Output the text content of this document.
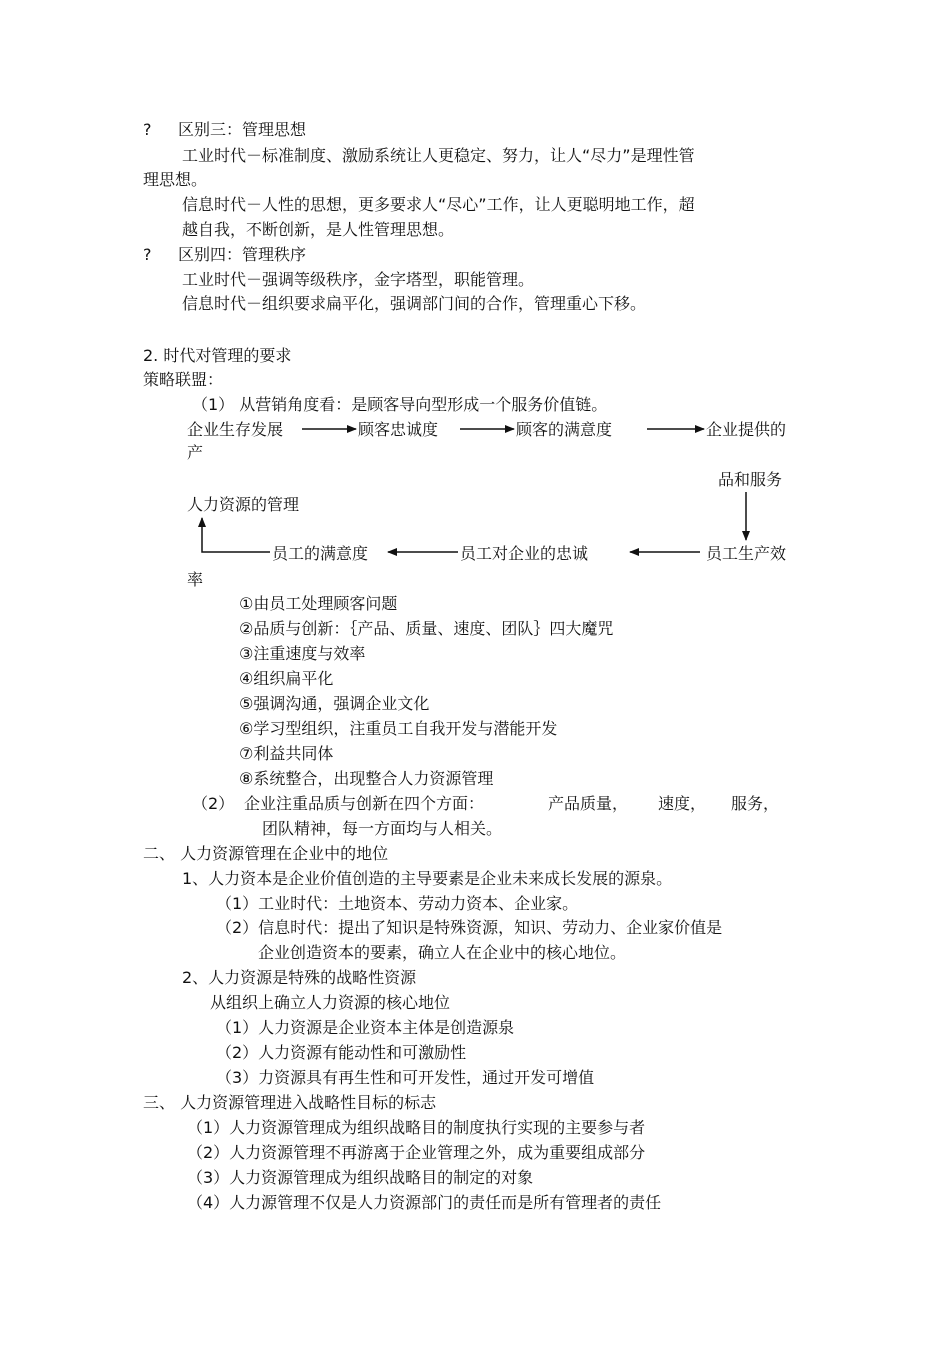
? 区别三：管理思想
工业时代－标准制度、激励系统让人更稳定、努力，让人“尽力”是理性管
理思想。
信息时代－人性的思想，更多要求人“尽心”工作，让人更聪明地工作，超
越自我，不断创新，是人性管理思想。
? 区别四：管理秩序
工业时代－强调等级秩序，金字塔型，职能管理。
信息时代－组织要求扁平化，强调部门间的合作，管理重心下移。
2. 时代对管理的要求
策略联盟：
（1） 从营销角度看：是顾客导向型形成一个服务价值链。
企业生存发展	顾客忠诚度	顾客的满意度	企业提供的
产
品和服务
人力资源的管理
员工的满意度	员工对企业的忠诚	员工生产效
率
①由员工处理顾客问题
②品质与创新：｛产品、质量、速度、团队｝四大魔咒
③注重速度与效率
④组织扁平化
⑤强调沟通，强调企业文化
⑥学习型组织，注重员工自我开发与潜能开发
⑦利益共同体
⑧系统整合，出现整合人力资源管理
（2） 企业注重品质与创新在四个方面：	产品质量， 速度， 服务，
团队精神，每一方面均与人相关。
二、 人力资源管理在企业中的地位
1、人力资本是企业价值创造的主导要素是企业未来成长发展的源泉。
（1）工业时代：土地资本、劳动力资本、企业家。
（2）信息时代：提出了知识是特殊资源，知识、劳动力、企业家价值是
企业创造资本的要素，确立人在企业中的核心地位。
2、人力资源是特殊的战略性资源
从组织上确立人力资源的核心地位
（1）人力资源是企业资本主体是创造源泉
（2）人力资源有能动性和可激励性
（3）力资源具有再生性和可开发性，通过开发可增值
三、 人力资源管理进入战略性目标的标志
（1）人力资源管理成为组织战略目的制度执行实现的主要参与者
（2）人力资源管理不再游离于企业管理之外，成为重要组成部分
（3）人力资源管理成为组织战略目的制定的对象
（4）人力源管理不仅是人力资源部门的责任而是所有管理者的责任
